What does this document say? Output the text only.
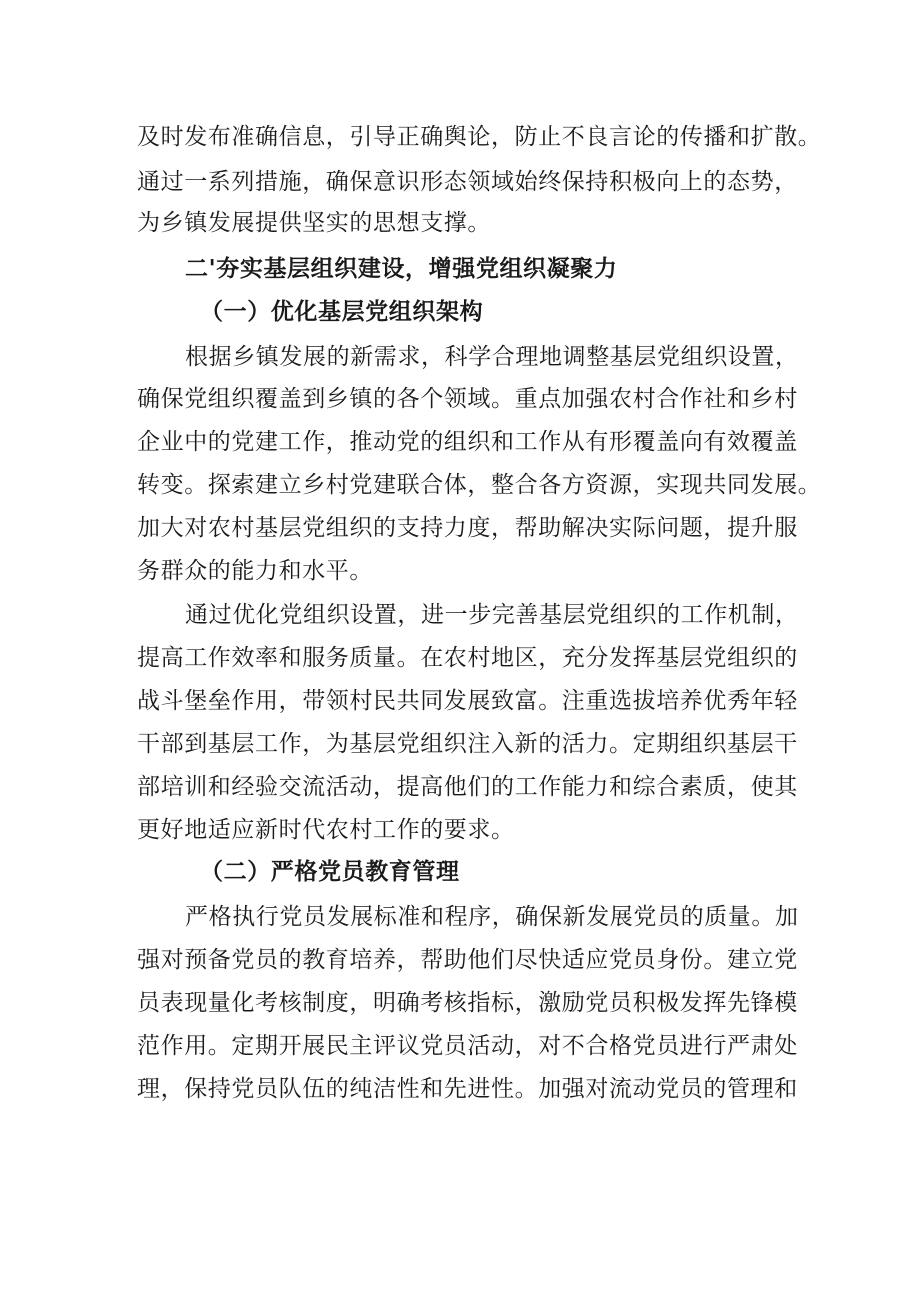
及时发布准确信息，引导正确舆论，防止不良言论的传播和扩散。
通过一系列措施，确保意识形态领域始终保持积极向上的态势，
为乡镇发展提供坚实的思想支撑。
二'夯实基层组织建设，增强党组织凝聚力
（一）优化基层党组织架构
根据乡镇发展的新需求，科学合理地调整基层党组织设置，
确保党组织覆盖到乡镇的各个领域。重点加强农村合作社和乡村
企业中的党建工作，推动党的组织和工作从有形覆盖向有效覆盖
转变。探索建立乡村党建联合体，整合各方资源，实现共同发展。
加大对农村基层党组织的支持力度，帮助解决实际问题，提升服
务群众的能力和水平。
通过优化党组织设置，进一步完善基层党组织的工作机制，
提高工作效率和服务质量。在农村地区，充分发挥基层党组织的
战斗堡垒作用，带领村民共同发展致富。注重选拔培养优秀年轻
干部到基层工作，为基层党组织注入新的活力。定期组织基层干
部培训和经验交流活动，提高他们的工作能力和综合素质，使其
更好地适应新时代农村工作的要求。
（二）严格党员教育管理
严格执行党员发展标准和程序，确保新发展党员的质量。加
强对预备党员的教育培养，帮助他们尽快适应党员身份。建立党
员表现量化考核制度，明确考核指标，激励党员积极发挥先锋模
范作用。定期开展民主评议党员活动，对不合格党员进行严肃处
理，保持党员队伍的纯洁性和先进性。加强对流动党员的管理和
